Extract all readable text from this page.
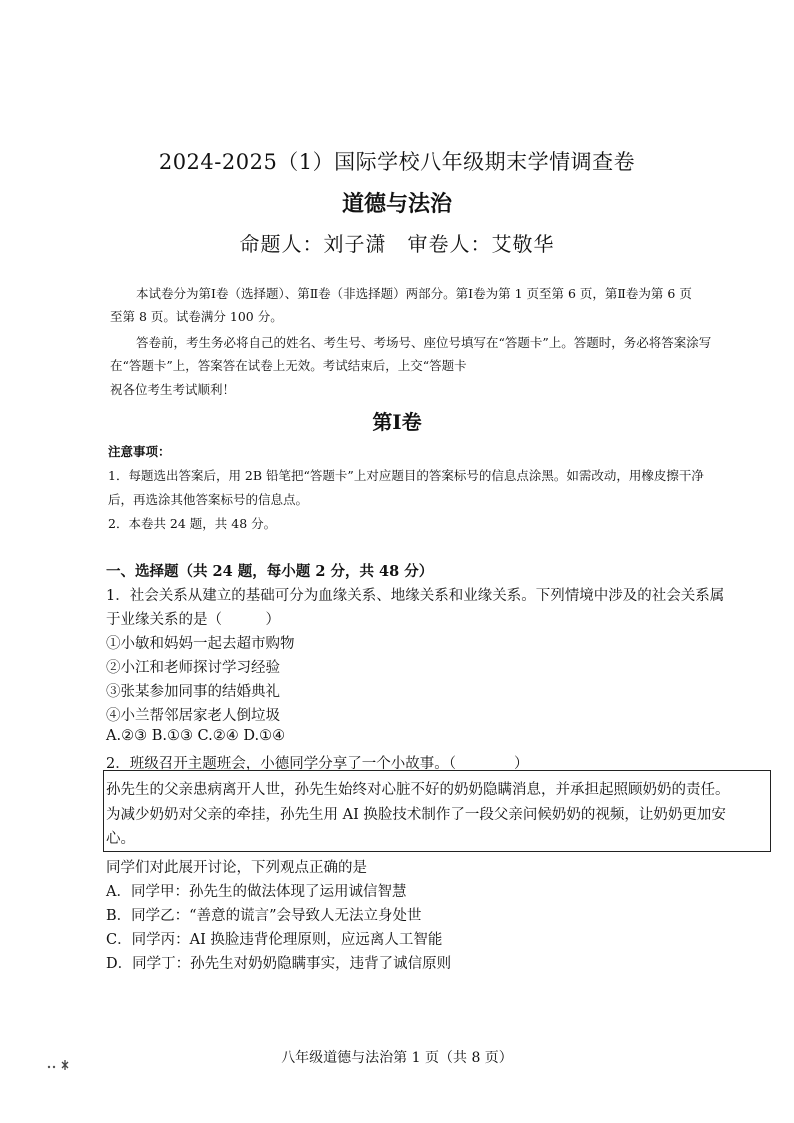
2024-2025（1）国际学校八年级期末学情调查卷
道德与法治
命题人：刘子潇　审卷人：艾敬华
本试卷分为第Ⅰ卷（选择题）、第Ⅱ卷（非选择题）两部分。第Ⅰ卷为第 1 页至第 6 页，第Ⅱ卷为第 6 页
至第 8 页。试卷满分 100 分。
答卷前，考生务必将自己的姓名、考生号、考场号、座位号填写在“答题卡”上。答题时，务必将答案涂写
在“答题卡”上，答案答在试卷上无效。考试结束后，上交“答题卡
祝各位考生考试顺利！
第Ⅰ卷
注意事项：
1．每题选出答案后，用 2B 铅笔把“答题卡”上对应题目的答案标号的信息点涂黑。如需改动，用橡皮擦干净
后，再选涂其他答案标号的信息点。
2．本卷共 24 题，共 48 分。
一、选择题（共 24 题，每小题 2 分，共 48 分）
1．社会关系从建立的基础可分为血缘关系、地缘关系和业缘关系。下列情境中涉及的社会关系属
于业缘关系的是（　　　）
①小敏和妈妈一起去超市购物
②小江和老师探讨学习经验
③张某参加同事的结婚典礼
④小兰帮邻居家老人倒垃圾
A.②③ B.①③ C.②④ D.①④
2．班级召开主题班会，小德同学分享了一个小故事。（　　　　）
孙先生的父亲患病离开人世，孙先生始终对心脏不好的奶奶隐瞒消息，并承担起照顾奶奶的责任。
为减少奶奶对父亲的牵挂，孙先生用 AI 换脸技术制作了一段父亲问候奶奶的视频，让奶奶更加安
心。
同学们对此展开讨论，下列观点正确的是
A．同学甲：孙先生的做法体现了运用诚信智慧
B．同学乙：“善意的谎言”会导致人无法立身处世
C．同学丙：AI 换脸违背伦理原则，应远离人工智能
D．同学丁：孙先生对奶奶隐瞒事实，违背了诚信原则
八年级道德与法治第 1 页（共 8 页）
